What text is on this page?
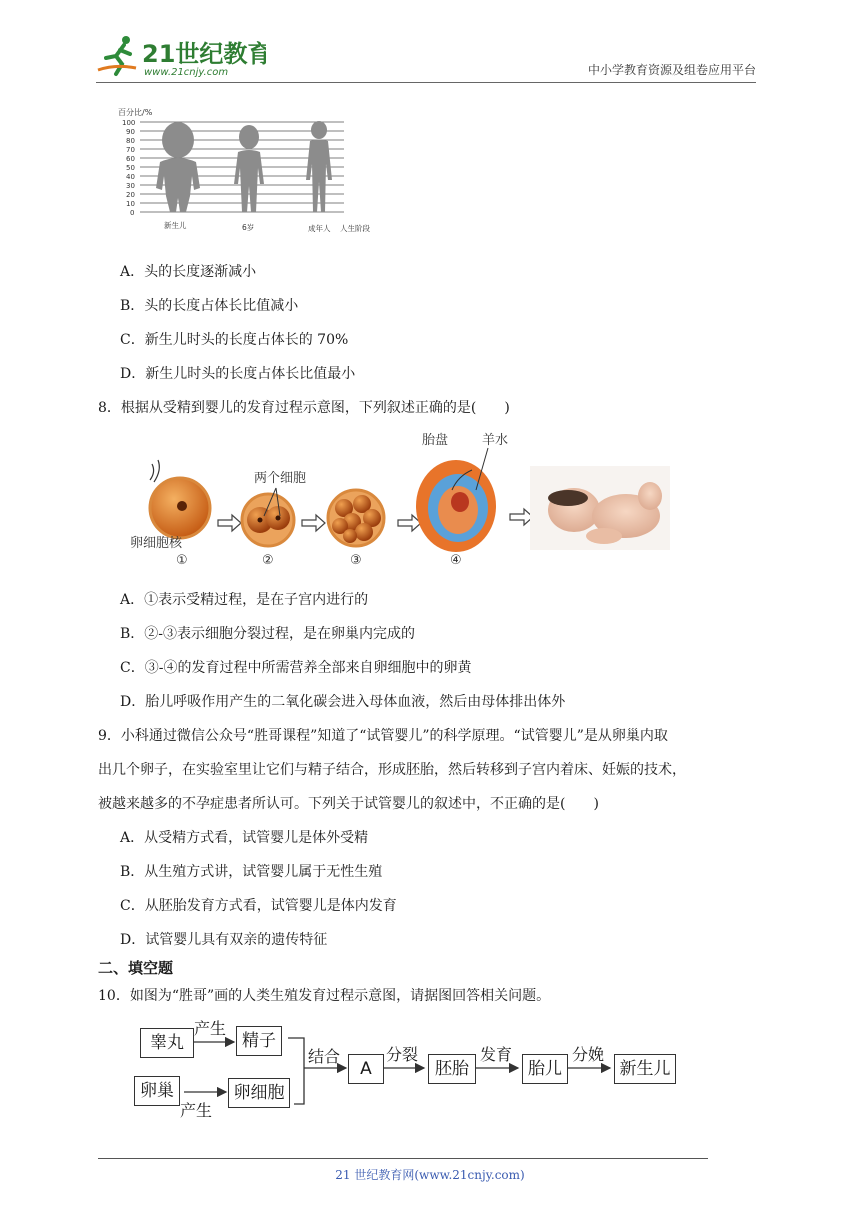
21世纪教育
www.21cnjy.com	中小学教育资源及组卷应用平台
百分比/%
100
90
80
70
60
50
40
30
20
10
0
新生儿	6岁	成年人 人生阶段
A．头的长度逐渐减小
B．头的长度占体长比值减小
C．新生儿时头的长度占体长的 70%
D．新生儿时头的长度占体长比值最小
8．根据从受精到婴儿的发育过程示意图，下列叙述正确的是(　　)
卵细胞核
①
两个细胞
②	③
胎盘	羊水
④
A．①表示受精过程，是在子宫内进行的
B．②-③表示细胞分裂过程，是在卵巢内完成的
C．③-④的发育过程中所需营养全部来自卵细胞中的卵黄
D．胎儿呼吸作用产生的二氧化碳会进入母体血液，然后由母体排出体外
9．小科通过微信公众号“胜哥课程”知道了“试管婴儿”的科学原理。“试管婴儿”是从卵巢内取
出几个卵子，在实验室里让它们与精子结合，形成胚胎，然后转移到子宫内着床、妊娠的技术，
被越来越多的不孕症患者所认可。下列关于试管婴儿的叙述中，不正确的是(　　)
A．从受精方式看，试管婴儿是体外受精
B．从生殖方式讲，试管婴儿属于无性生殖
C．从胚胎发育方式看，试管婴儿是体内发育
D．试管婴儿具有双亲的遗传特征
二、填空题
10．如图为“胜哥”画的人类生殖发育过程示意图，请据图回答相关问题。
睾丸	精子
卵巢	卵细胞
A	胚胎	胎儿	新生儿
产生
产生
结合	分裂	发育	分娩
21 世纪教育网(www.21cnjy.com)
